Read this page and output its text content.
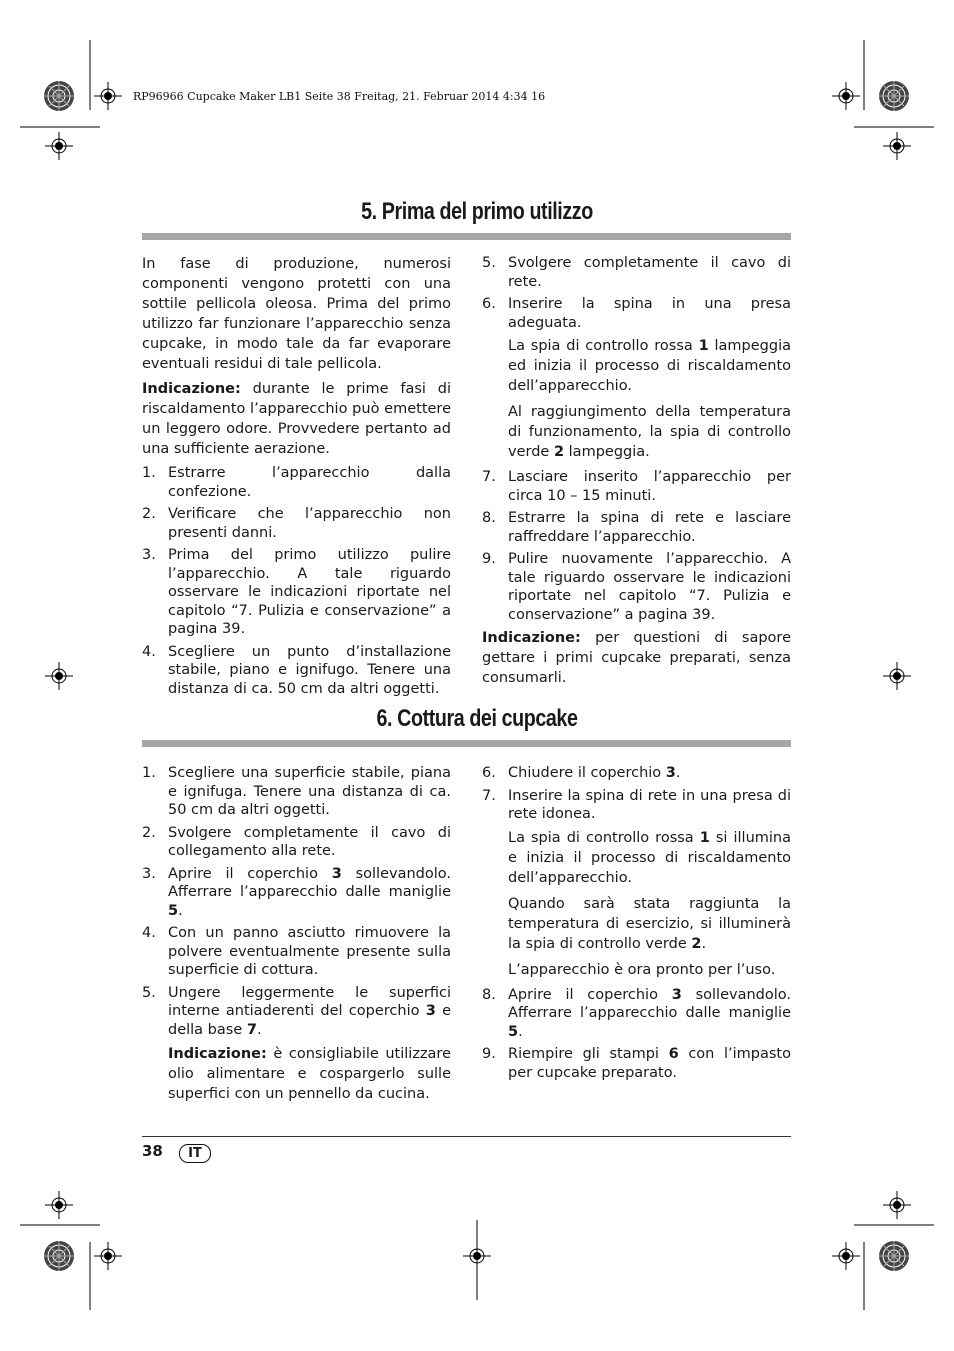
RP96966 Cupcake Maker LB1 Seite 38 Freitag, 21. Februar 2014 4:34 16
5. Prima del primo utilizzo

In fase di produzione, numerosi componenti vengono protetti con una sottile pellicola oleosa. Prima del primo utilizzo far funzionare l’apparecchio senza cupcake, in modo tale da far evaporare eventuali residui di tale pellicola.

Indicazione: durante le prime fasi di riscaldamento l’apparecchio può emettere un leggero odore. Provvedere pertanto ad una sufficiente aerazione.

1. Estrarre l’apparecchio dalla confezione.
2. Verificare che l’apparecchio non presenti danni.
3. Prima del primo utilizzo pulire l’apparecchio. A tale riguardo osservare le indicazioni riportate nel capitolo “7. Pulizia e conservazione” a pagina 39.
4. Scegliere un punto d’installazione stabile, piano e ignifugo. Tenere una distanza di ca. 50 cm da altri oggetti.
5. Svolgere completamente il cavo di rete.
6. Inserire la spina in una presa adeguata.

La spia di controllo rossa 1 lampeggia ed inizia il processo di riscaldamento dell’apparecchio.

Al raggiungimento della temperatura di funzionamento, la spia di controllo verde 2 lampeggia.

7. Lasciare inserito l’apparecchio per circa 10 – 15 minuti.
8. Estrarre la spina di rete e lasciare raffreddare l’apparecchio.
9. Pulire nuovamente l’apparecchio. A tale riguardo osservare le indicazioni riportate nel capitolo “7. Pulizia e conservazione” a pagina 39.

Indicazione: per questioni di sapore gettare i primi cupcake preparati, senza consumarli.

6. Cottura dei cupcake
1. Scegliere una superficie stabile, piana e ignifuga. Tenere una distanza di ca. 50 cm da altri oggetti.
2. Svolgere completamente il cavo di collegamento alla rete.
3. Aprire il coperchio 3 sollevandolo. Afferrare l’apparecchio dalle maniglie 5.
4. Con un panno asciutto rimuovere la polvere eventualmente presente sulla superficie di cottura.
5. Ungere leggermente le superfici interne antiaderenti del coperchio 3 e della base 7.

Indicazione: è consigliabile utilizzare olio alimentare e cospargerlo sulle superfici con un pennello da cucina.

6. Chiudere il coperchio 3.
7. Inserire la spina di rete in una presa di rete idonea.

La spia di controllo rossa 1 si illumina e inizia il processo di riscaldamento dell’apparecchio.

Quando sarà stata raggiunta la temperatura di esercizio, si illuminerà la spia di controllo verde 2.

L’apparecchio è ora pronto per l’uso.

8. Aprire il coperchio 3 sollevandolo. Afferrare l’apparecchio dalle maniglie 5.
9. Riempire gli stampi 6 con l’impasto per cupcake preparato.
38	IT
